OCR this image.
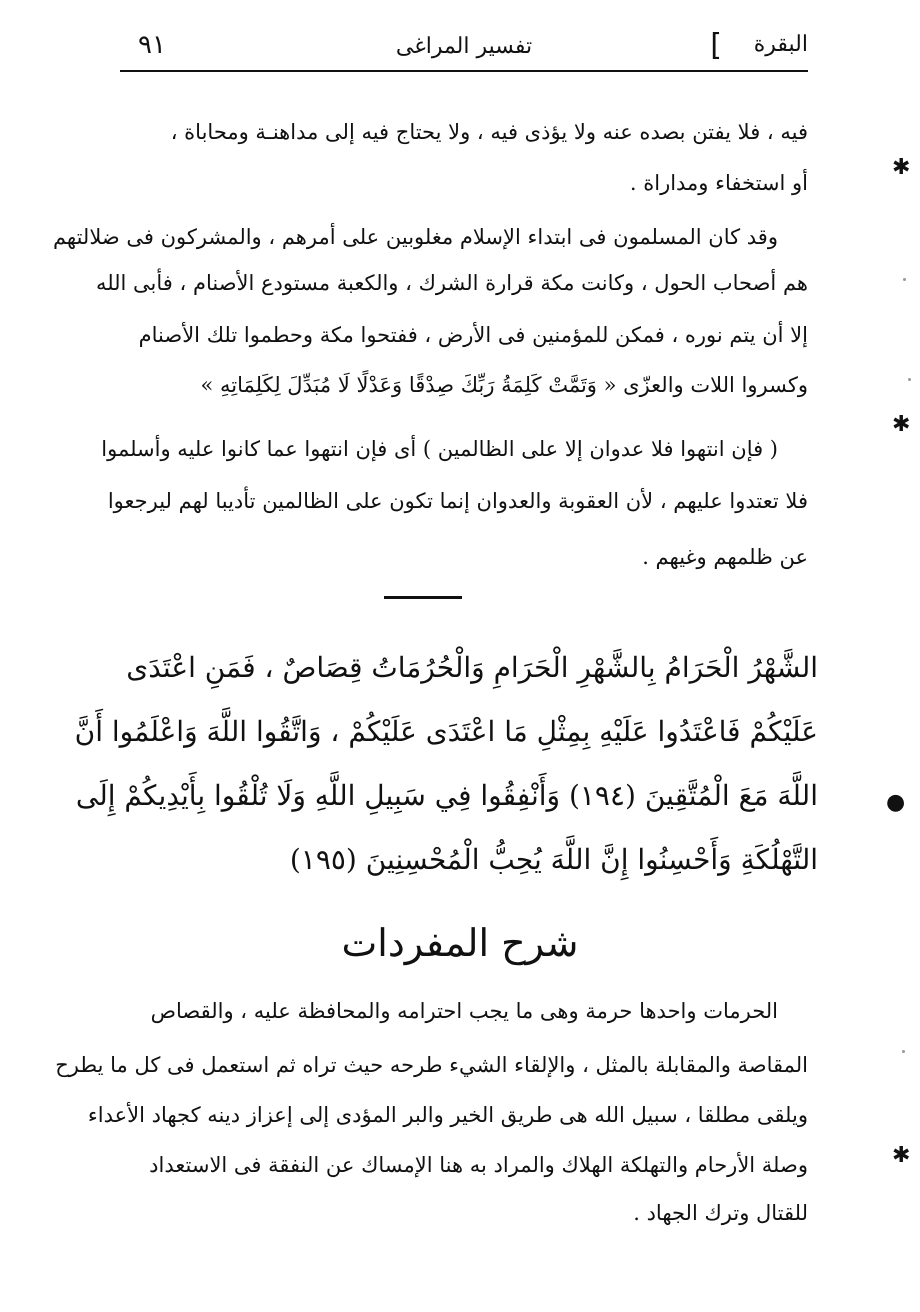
البقرة
]
تفسير المراغى
٩١
فيه ، فلا يفتن بصده عنه ولا يؤذى فيه ، ولا يحتاج فيه إلى مداهنـة ومحاباة ،
أو استخفاء ومداراة .
وقد كان المسلمون فى ابتداء الإسلام مغلوبين على أمرهم ، والمشركون فى ضلالتهم
هم أصحاب الحول ، وكانت مكة قرارة الشرك ، والكعبة مستودع الأصنام ، فأبى الله
إلا أن يتم نوره ، فمكن للمؤمنين فى الأرض ، ففتحوا مكة وحطموا تلك الأصنام
وكسروا اللات والعزّى « وَتَمَّتْ كَلِمَةُ رَبِّكَ صِدْقًا وَعَدْلًا لَا مُبَدِّلَ لِكَلِمَاتِهِ »
( فإن انتهوا فلا عدوان إلا على الظالمين ) أى فإن انتهوا عما كانوا عليه وأسلموا
فلا تعتدوا عليهم ، لأن العقوبة والعدوان إنما تكون على الظالمين تأديبا لهم ليرجعوا
عن ظلمهم وغيهم .
الشَّهْرُ الْحَرَامُ بِالشَّهْرِ الْحَرَامِ وَالْحُرُمَاتُ قِصَاصٌ ، فَمَنِ اعْتَدَى
عَلَيْكُمْ فَاعْتَدُوا عَلَيْهِ بِمِثْلِ مَا اعْتَدَى عَلَيْكُمْ ، وَاتَّقُوا اللَّهَ وَاعْلَمُوا أَنَّ
اللَّهَ مَعَ الْمُتَّقِينَ (١٩٤) وَأَنْفِقُوا فِي سَبِيلِ اللَّهِ وَلَا تُلْقُوا بِأَيْدِيكُمْ إِلَى
التَّهْلُكَةِ وَأَحْسِنُوا إِنَّ اللَّهَ يُحِبُّ الْمُحْسِنِينَ (١٩٥)
شرح المفردات
الحرمات واحدها حرمة وهى ما يجب احترامه والمحافظة عليه ، والقصاص
المقاصة والمقابلة بالمثل ، والإلقاء الشيء طرحه حيث تراه ثم استعمل فى كل ما يطرح
ويلقى مطلقا ، سبيل الله هى طريق الخير والبر المؤدى إلى إعزاز دينه كجهاد الأعداء
وصلة الأرحام والتهلكة الهلاك والمراد به هنا الإمساك عن النفقة فى الاستعداد
للقتال وترك الجهاد .
✱
✱
●
✱
